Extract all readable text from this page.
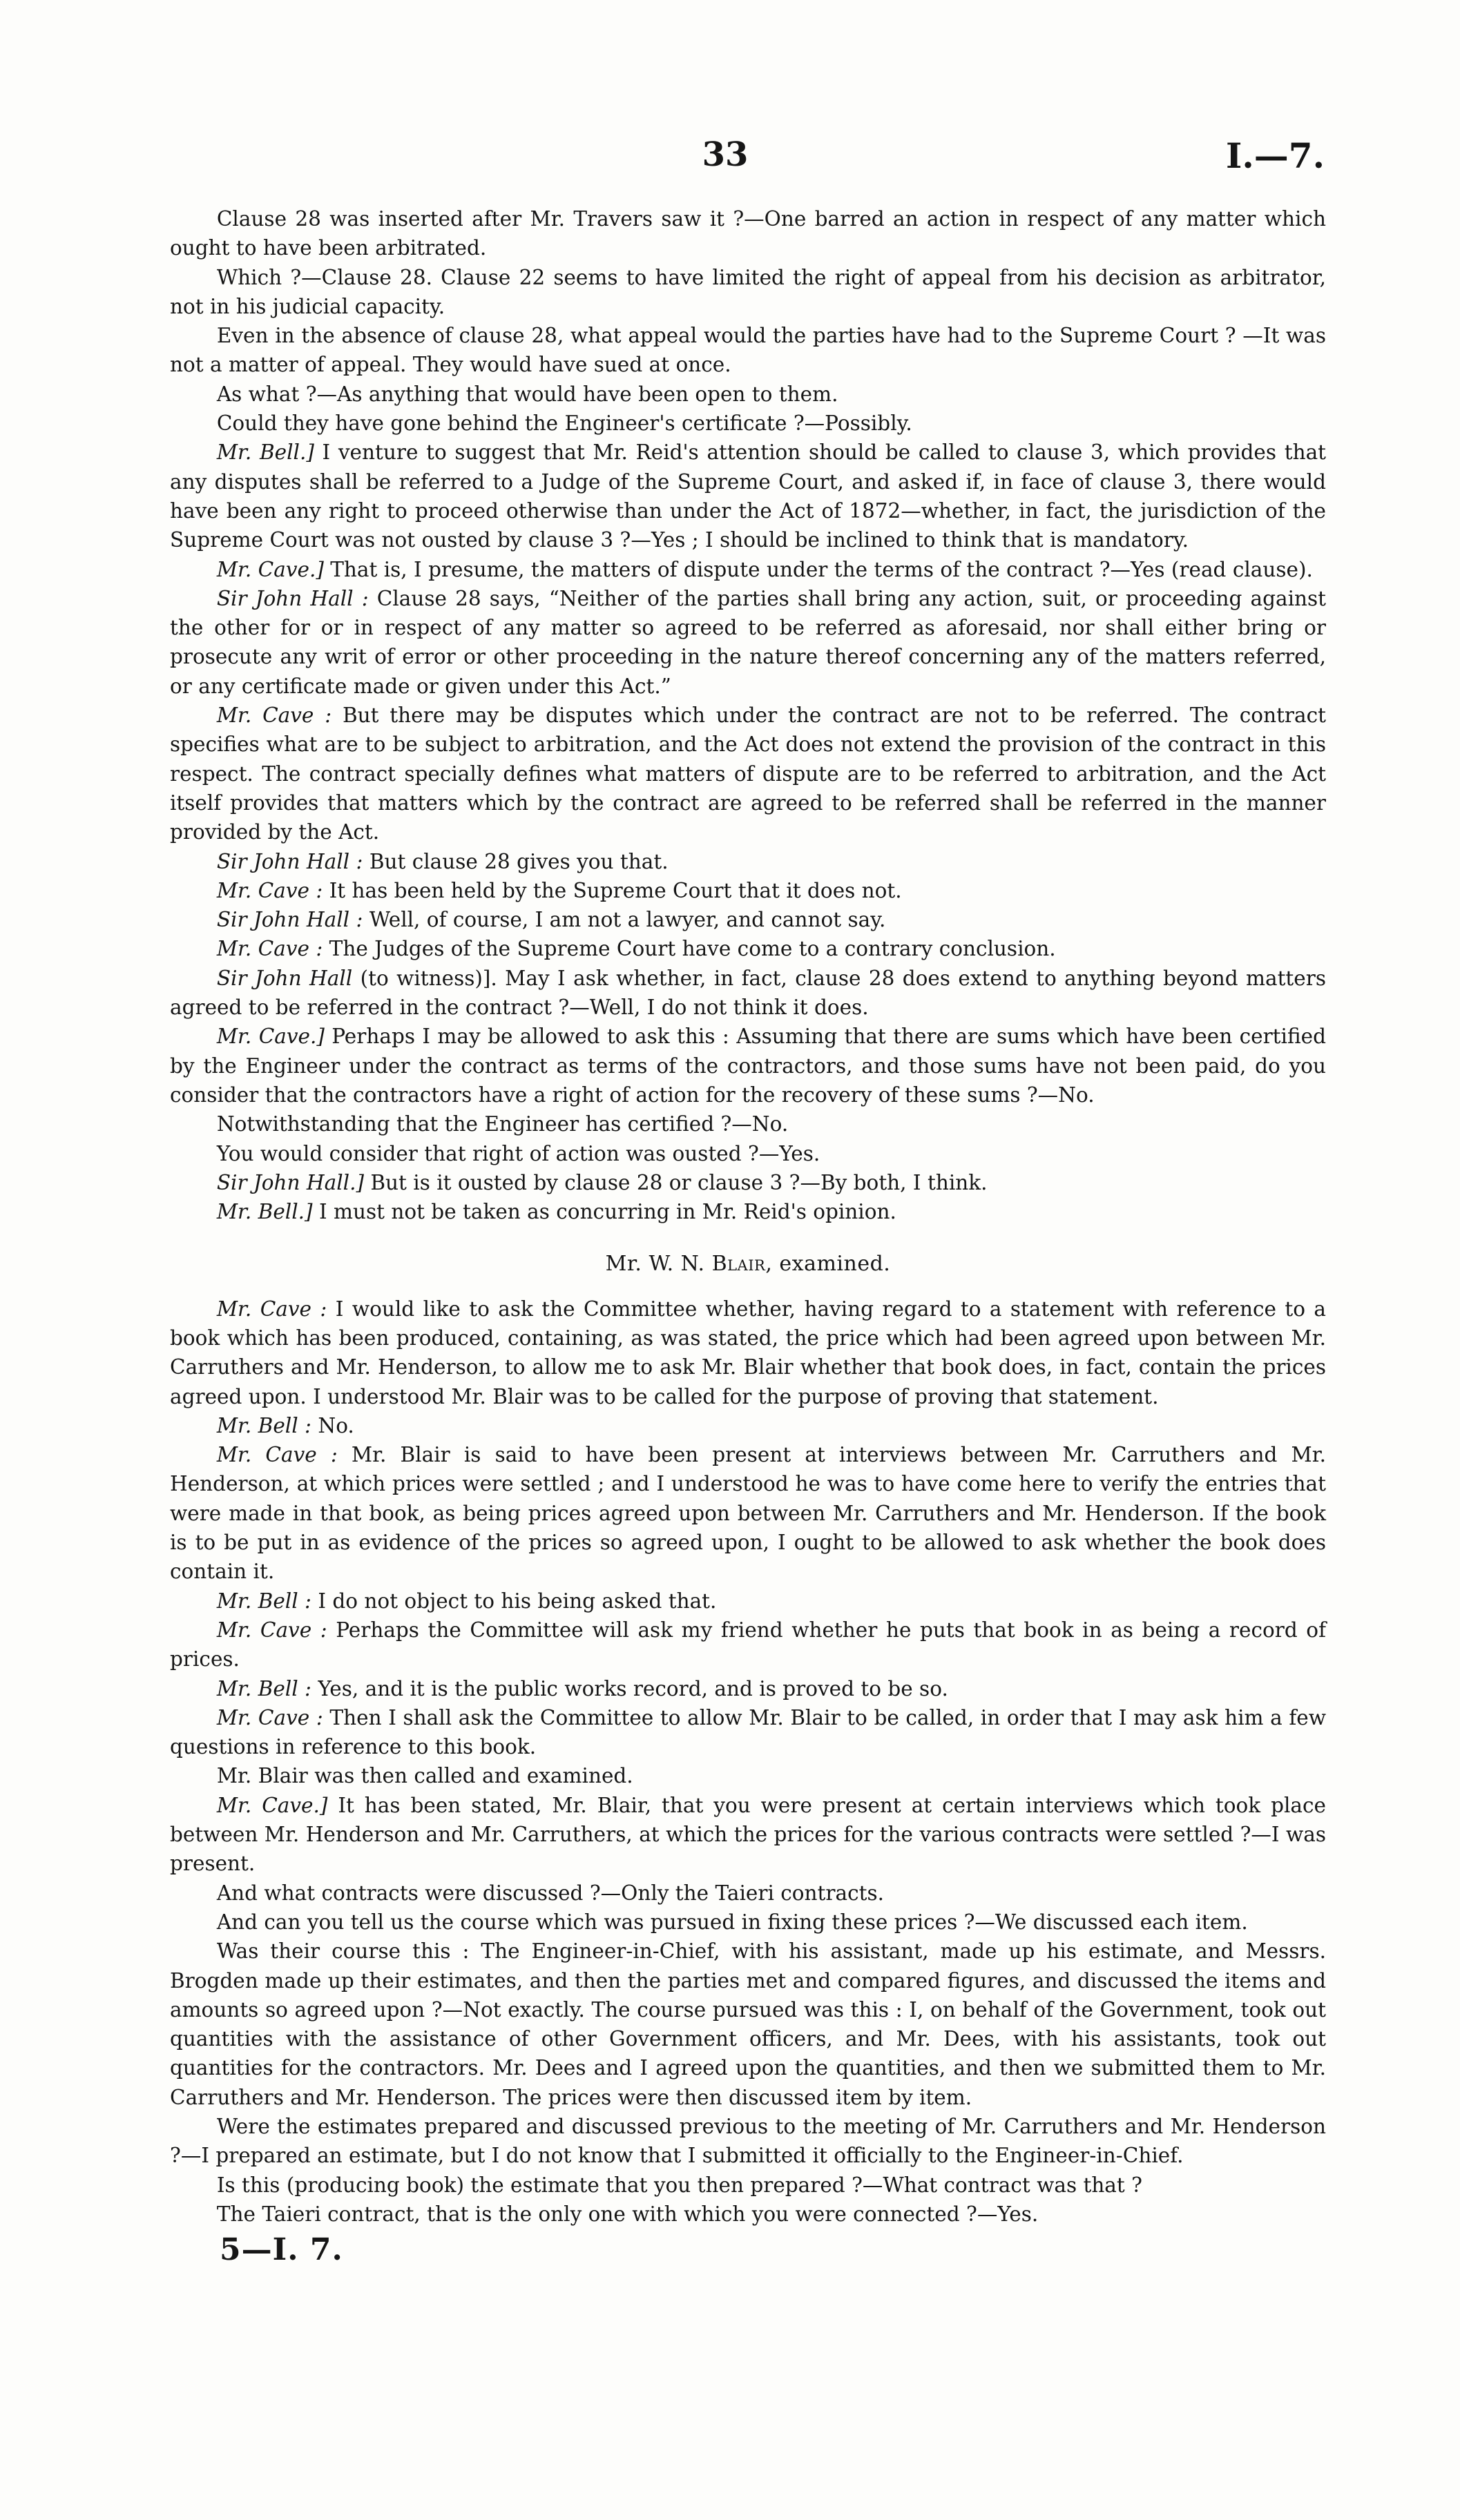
33	I.—7.

Clause 28 was inserted after Mr. Travers saw it ?—One barred an action in respect of any matter which ought to have been arbitrated.

Which ?—Clause 28. Clause 22 seems to have limited the right of appeal from his decision as arbitrator, not in his judicial capacity.

Even in the absence of clause 28, what appeal would the parties have had to the Supreme Court ? —It was not a matter of appeal. They would have sued at once.

As what ?—As anything that would have been open to them.

Could they have gone behind the Engineer's certificate ?—Possibly.

Mr. Bell.] I venture to suggest that Mr. Reid's attention should be called to clause 3, which provides that any disputes shall be referred to a Judge of the Supreme Court, and asked if, in face of clause 3, there would have been any right to proceed otherwise than under the Act of 1872—whether, in fact, the jurisdiction of the Supreme Court was not ousted by clause 3 ?—Yes ; I should be inclined to think that is mandatory.

Mr. Cave.] That is, I presume, the matters of dispute under the terms of the contract ?—Yes (read clause).

Sir John Hall : Clause 28 says, “Neither of the parties shall bring any action, suit, or proceeding against the other for or in respect of any matter so agreed to be referred as aforesaid, nor shall either bring or prosecute any writ of error or other proceeding in the nature thereof concerning any of the matters referred, or any certificate made or given under this Act.”

Mr. Cave : But there may be disputes which under the contract are not to be referred. The contract specifies what are to be subject to arbitration, and the Act does not extend the provision of the contract in this respect. The contract specially defines what matters of dispute are to be referred to arbitration, and the Act itself provides that matters which by the contract are agreed to be referred shall be referred in the manner provided by the Act.

Sir John Hall : But clause 28 gives you that.

Mr. Cave : It has been held by the Supreme Court that it does not.

Sir John Hall : Well, of course, I am not a lawyer, and cannot say.

Mr. Cave : The Judges of the Supreme Court have come to a contrary conclusion.

Sir John Hall (to witness)]. May I ask whether, in fact, clause 28 does extend to anything beyond matters agreed to be referred in the contract ?—Well, I do not think it does.

Mr. Cave.] Perhaps I may be allowed to ask this : Assuming that there are sums which have been certified by the Engineer under the contract as terms of the contractors, and those sums have not been paid, do you consider that the contractors have a right of action for the recovery of these sums ?—No.

Notwithstanding that the Engineer has certified ?—No.

You would consider that right of action was ousted ?—Yes.

Sir John Hall.] But is it ousted by clause 28 or clause 3 ?—By both, I think.

Mr. Bell.] I must not be taken as concurring in Mr. Reid's opinion.

Mr. W. N. Blair, examined.

Mr. Cave : I would like to ask the Committee whether, having regard to a statement with reference to a book which has been produced, containing, as was stated, the price which had been agreed upon between Mr. Carruthers and Mr. Henderson, to allow me to ask Mr. Blair whether that book does, in fact, contain the prices agreed upon. I understood Mr. Blair was to be called for the purpose of proving that statement.

Mr. Bell : No.

Mr. Cave : Mr. Blair is said to have been present at interviews between Mr. Carruthers and Mr. Henderson, at which prices were settled ; and I understood he was to have come here to verify the entries that were made in that book, as being prices agreed upon between Mr. Carruthers and Mr. Henderson. If the book is to be put in as evidence of the prices so agreed upon, I ought to be allowed to ask whether the book does contain it.

Mr. Bell : I do not object to his being asked that.

Mr. Cave : Perhaps the Committee will ask my friend whether he puts that book in as being a record of prices.

Mr. Bell : Yes, and it is the public works record, and is proved to be so.

Mr. Cave : Then I shall ask the Committee to allow Mr. Blair to be called, in order that I may ask him a few questions in reference to this book.

Mr. Blair was then called and examined.

Mr. Cave.] It has been stated, Mr. Blair, that you were present at certain interviews which took place between Mr. Henderson and Mr. Carruthers, at which the prices for the various contracts were settled ?—I was present.

And what contracts were discussed ?—Only the Taieri contracts.

And can you tell us the course which was pursued in fixing these prices ?—We discussed each item.

Was their course this : The Engineer-in-Chief, with his assistant, made up his estimate, and Messrs. Brogden made up their estimates, and then the parties met and compared figures, and discussed the items and amounts so agreed upon ?—Not exactly. The course pursued was this : I, on behalf of the Government, took out quantities with the assistance of other Government officers, and Mr. Dees, with his assistants, took out quantities for the contractors. Mr. Dees and I agreed upon the quantities, and then we submitted them to Mr. Carruthers and Mr. Henderson. The prices were then discussed item by item.

Were the estimates prepared and discussed previous to the meeting of Mr. Carruthers and Mr. Henderson ?—I prepared an estimate, but I do not know that I submitted it officially to the Engineer-in-Chief.

Is this (producing book) the estimate that you then prepared ?—What contract was that ?

The Taieri contract, that is the only one with which you were connected ?—Yes.

5—I. 7.
